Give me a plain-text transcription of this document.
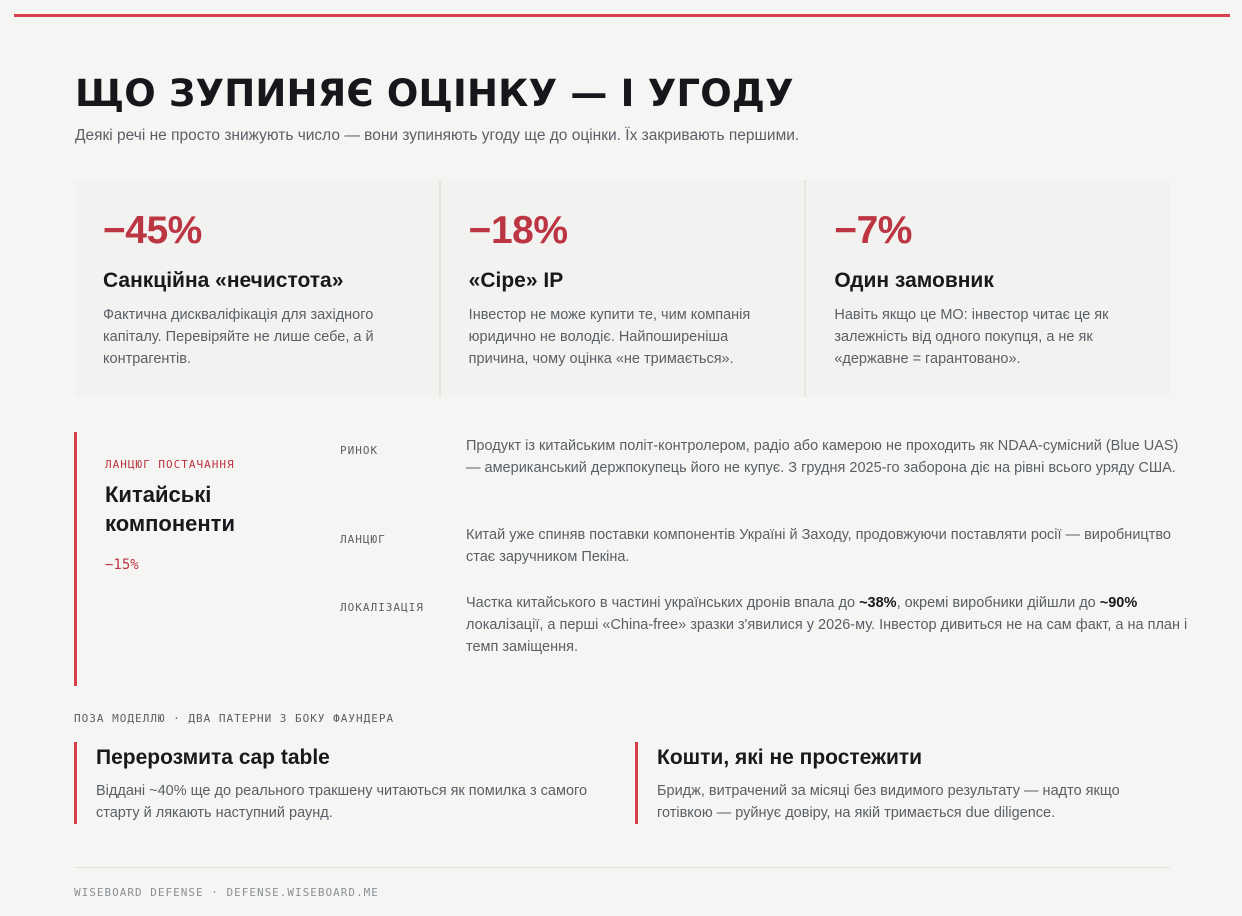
ЩО ЗУПИНЯЄ ОЦІНКУ — І УГОДУ

Деякі речі не просто знижують число — вони зупиняють угоду ще до оцінки. Їх закривають першими.

−45%
Санкційна «нечистота»
Фактична дискваліфікація для західного капіталу. Перевіряйте не лише себе, а й контрагентів.
−18%
«Сіре» IP
Інвестор не може купити те, чим компанія юридично не володіє. Найпоширеніша причина, чому оцінка «не тримається».
−7%
Один замовник
Навіть якщо це МО: інвестор читає це як залежність від одного покупця, а не як «державне = гарантовано».
ЛАНЦЮГ ПОСТАЧАННЯ
Китайські компоненти
−15%
РИНОК	Продукт із китайським політ-контролером, радіо або камерою не проходить як NDAA-сумісний (Blue UAS) — американський держпокупець його не купує. З грудня 2025-го заборона діє на рівні всього уряду США.
ЛАНЦЮГ	Китай уже спиняв поставки компонентів Україні й Заходу, продовжуючи поставляти росії — виробництво стає заручником Пекіна.
ЛОКАЛІЗАЦІЯ	Частка китайського в частині українських дронів впала до ~38%, окремі виробники дійшли до ~90% локалізації, а перші «China-free» зразки з'явилися у 2026-му. Інвестор дивиться не на сам факт, а на план і темп заміщення.
ПОЗА МОДЕЛЛЮ · ДВА ПАТЕРНИ З БОКУ ФАУНДЕРА
Перерозмита cap table
Віддані ~40% ще до реального тракшену читаються як помилка з самого старту й лякають наступний раунд.
Кошти, які не простежити
Бридж, витрачений за місяці без видимого результату — надто якщо готівкою — руйнує довіру, на якій тримається due diligence.
WISEBOARD DEFENSE · DEFENSE.WISEBOARD.ME
